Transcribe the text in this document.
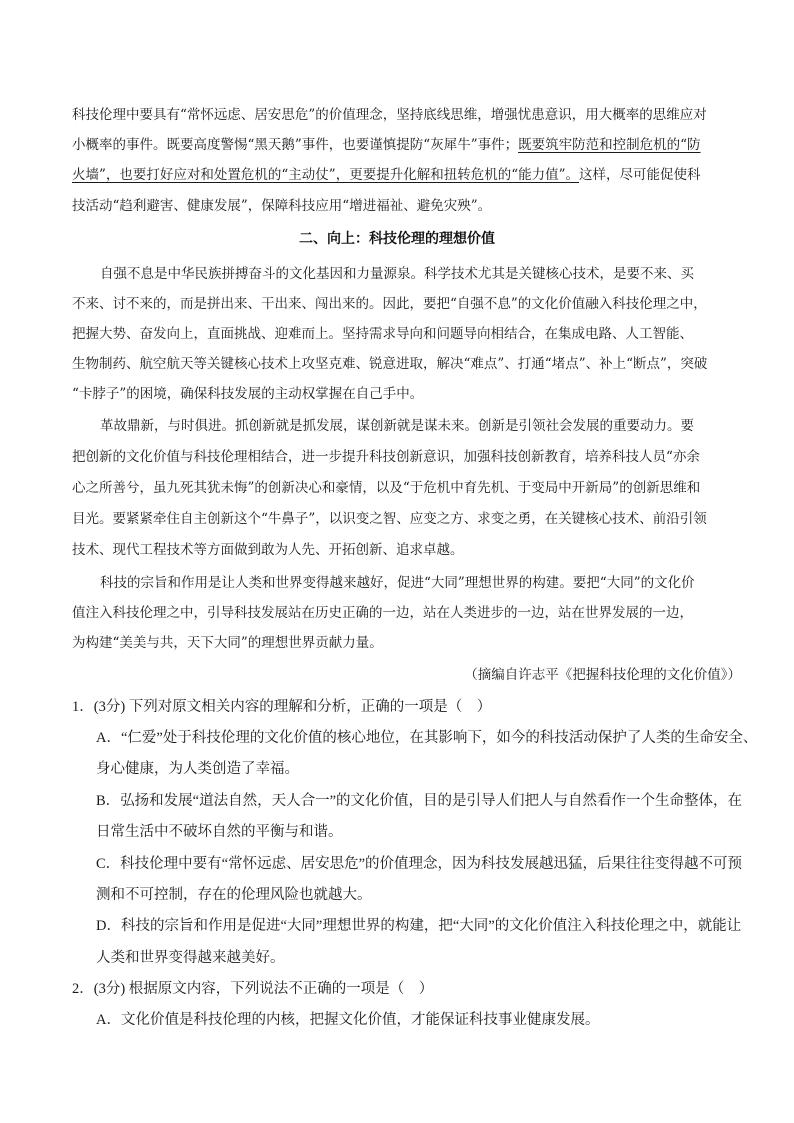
科技伦理中要具有“常怀远虑、居安思危”的价值理念，坚持底线思维，增强忧患意识，用大概率的思维应对
小概率的事件。既要高度警惕“黑天鹅”事件，也要谨慎提防“灰犀牛”事件；既要筑牢防范和控制危机的“防
火墙”，也要打好应对和处置危机的“主动仗”，更要提升化解和扭转危机的“能力值”。这样，尽可能促使科
技活动“趋利避害、健康发展”，保障科技应用“增进福祉、避免灾殃”。
二、向上：科技伦理的理想价值
自强不息是中华民族拼搏奋斗的文化基因和力量源泉。科学技术尤其是关键核心技术，是要不来、买
不来、讨不来的，而是拼出来、干出来、闯出来的。因此，要把“自强不息”的文化价值融入科技伦理之中，
把握大势、奋发向上，直面挑战、迎难而上。坚持需求导向和问题导向相结合，在集成电路、人工智能、
生物制药、航空航天等关键核心技术上攻坚克难、锐意进取，解决“难点”、打通“堵点”、补上“断点”，突破
“卡脖子”的困境，确保科技发展的主动权掌握在自己手中。
革故鼎新，与时俱进。抓创新就是抓发展，谋创新就是谋未来。创新是引领社会发展的重要动力。要
把创新的文化价值与科技伦理相结合，进一步提升科技创新意识，加强科技创新教育，培养科技人员“亦余
心之所善兮，虽九死其犹未悔”的创新决心和豪情，以及“于危机中育先机、于变局中开新局”的创新思维和
目光。要紧紧牵住自主创新这个“牛鼻子”，以识变之智、应变之方、求变之勇，在关键核心技术、前沿引领
技术、现代工程技术等方面做到敢为人先、开拓创新、追求卓越。
科技的宗旨和作用是让人类和世界变得越来越好，促进“大同”理想世界的构建。要把“大同”的文化价
值注入科技伦理之中，引导科技发展站在历史正确的一边，站在人类进步的一边，站在世界发展的一边，
为构建“美美与共，天下大同”的理想世界贡献力量。
（摘编自许志平《把握科技伦理的文化价值》）
1．(3分) 下列对原文相关内容的理解和分析，正确的一项是（　）
A．“仁爱”处于科技伦理的文化价值的核心地位，在其影响下，如今的科技活动保护了人类的生命安全、
身心健康，为人类创造了幸福。
B．弘扬和发展“道法自然，天人合一”的文化价值，目的是引导人们把人与自然看作一个生命整体，在
日常生活中不破坏自然的平衡与和谐。
C．科技伦理中要有“常怀远虑、居安思危”的价值理念，因为科技发展越迅猛，后果往往变得越不可预
测和不可控制，存在的伦理风险也就越大。
D．科技的宗旨和作用是促进“大同”理想世界的构建，把“大同”的文化价值注入科技伦理之中，就能让
人类和世界变得越来越美好。
2．(3分) 根据原文内容，下列说法不正确的一项是（　）
A．文化价值是科技伦理的内核，把握文化价值，才能保证科技事业健康发展。
